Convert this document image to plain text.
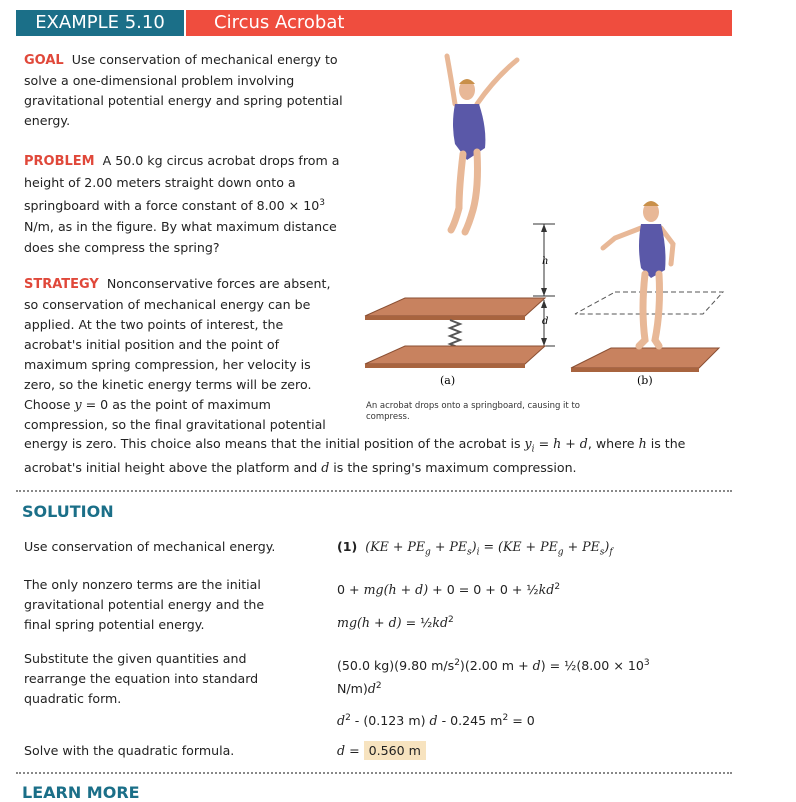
EXAMPLE 5.10	Circus Acrobat
GOAL Use conservation of mechanical energy to solve a one-dimensional problem involving gravitational potential energy and spring potential energy.
PROBLEM A 50.0 kg circus acrobat drops from a height of 2.00 meters straight down onto a springboard with a force constant of $8.00 \times 10^3$ N/m, as in the figure. By what maximum distance does she compress the spring?
STRATEGY Nonconservative forces are absent,
so conservation of mechanical energy can be
applied. At the two points of interest, the
acrobat's initial position and the point of
maximum spring compression, her velocity is
zero, so the kinetic energy terms will be zero.
Choose y = 0 as the point of maximum
compression, so the final gravitational potential
energy is zero. This choice also means that the initial position of the acrobat is $y_i = h + d$, where h is the
acrobat's initial height above the platform and d is the spring's maximum compression.
h
d
(a)	(b)
An acrobat drops onto a springboard, causing it to compress.
SOLUTION
Use conservation of mechanical energy.	(1) $(KE + PE_g + PE_s)_i = (KE + PE_g + PE_s)_f$
The only nonzero terms are the initial gravitational potential energy and the final spring potential energy.
$0 + mg(h + d) + 0 = 0 + 0 + \frac{1}{2}kd^2$
$mg(h + d) = \frac{1}{2}kd^2$
Substitute the given quantities and rearrange the equation into standard quadratic form.
(50.0 kg)(9.80 $m/s^2)(2.00$ m + d) = ½(8.00 × $10^3$
$N/m)d^2$
$d^2 - (0.123$ m) d - 0.245 $m^2 = 0$
Solve with the quadratic formula.	d = 0.560 m
LEARN MORE
